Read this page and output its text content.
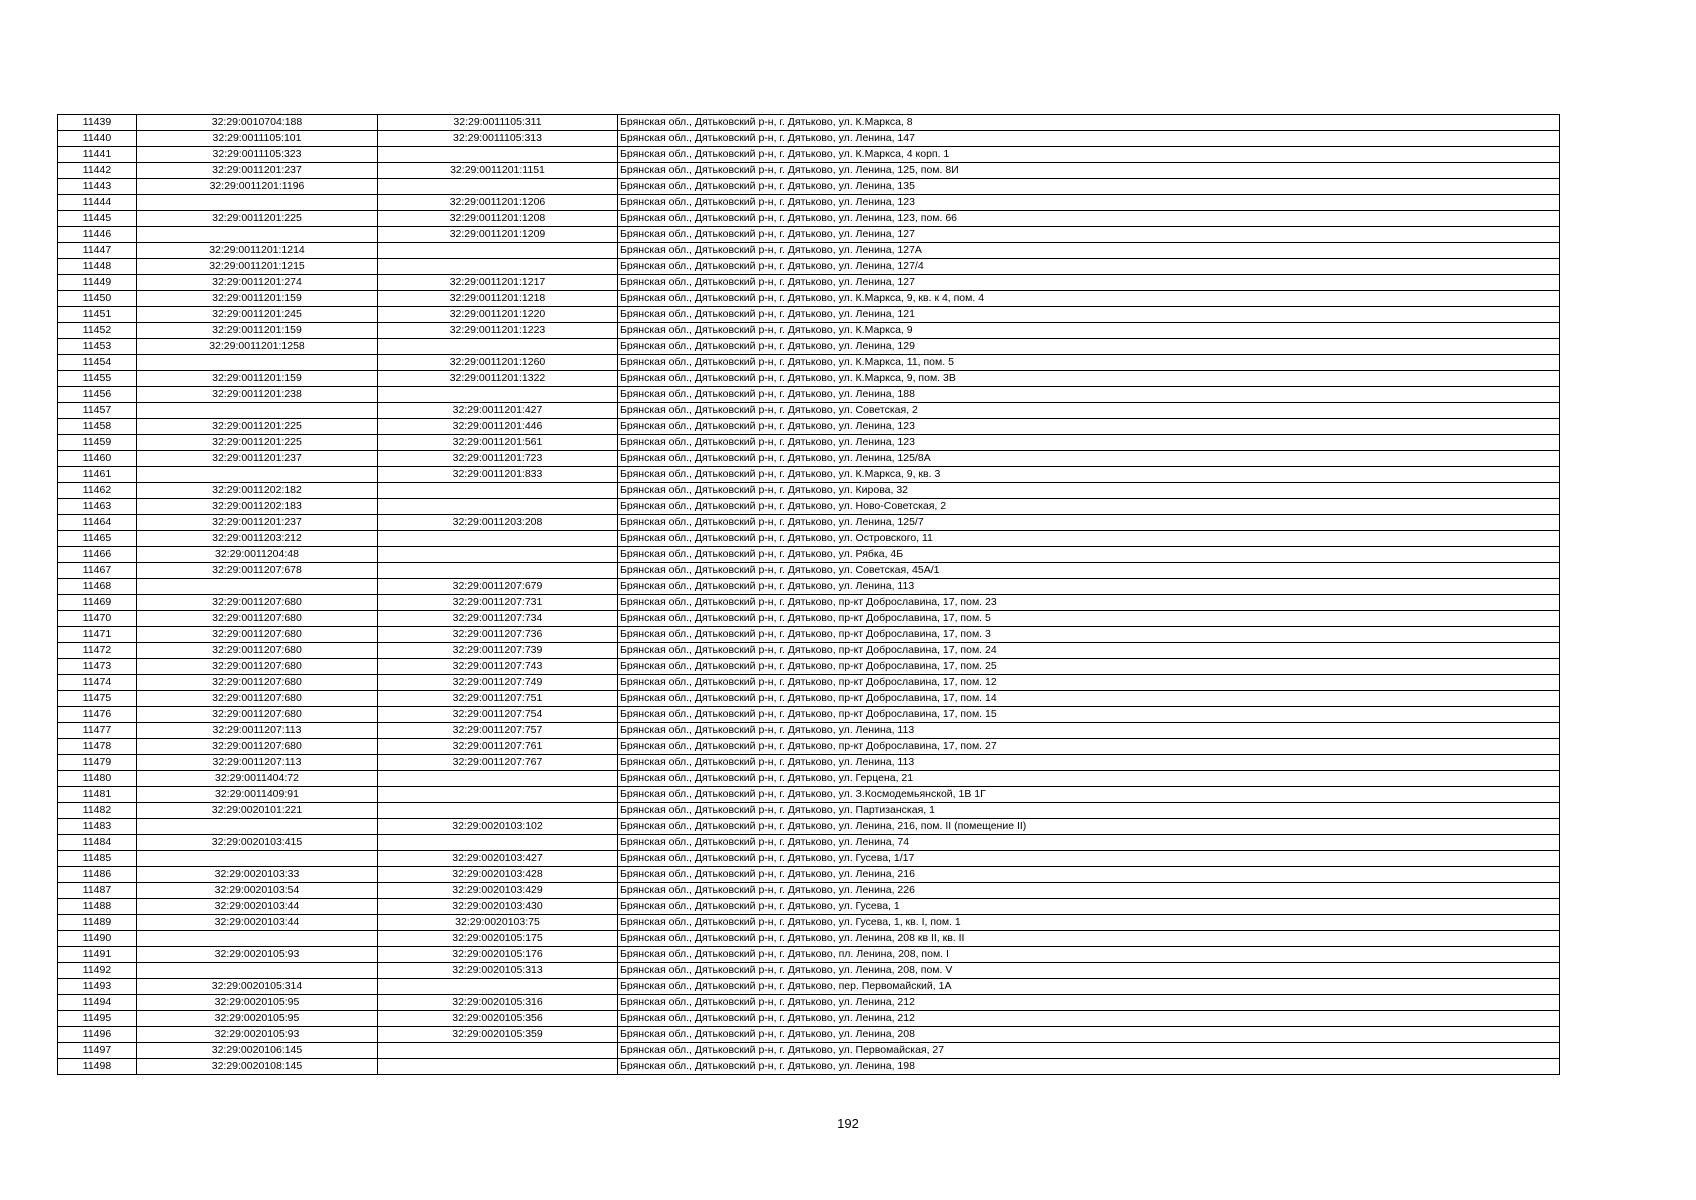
11439	32:29:0010704:188	32:29:0011105:311	Брянская обл., Дятьковский р-н, г. Дятьково, ул. К.Маркса, 8
11440	32:29:0011105:101	32:29:0011105:313	Брянская обл., Дятьковский р-н, г. Дятьково, ул. Ленина, 147
11441	32:29:0011105:323		Брянская обл., Дятьковский р-н, г. Дятьково, ул. К.Маркса, 4 корп. 1
11442	32:29:0011201:237	32:29:0011201:1151	Брянская обл., Дятьковский р-н, г. Дятьково, ул. Ленина, 125, пом. 8И
11443	32:29:0011201:1196		Брянская обл., Дятьковский р-н, г. Дятьково, ул. Ленина, 135
11444		32:29:0011201:1206	Брянская обл., Дятьковский р-н, г. Дятьково, ул. Ленина, 123
11445	32:29:0011201:225	32:29:0011201:1208	Брянская обл., Дятьковский р-н, г. Дятьково, ул. Ленина, 123, пом. 66
11446		32:29:0011201:1209	Брянская обл., Дятьковский р-н, г. Дятьково, ул. Ленина, 127
11447	32:29:0011201:1214		Брянская обл., Дятьковский р-н, г. Дятьково, ул. Ленина, 127А
11448	32:29:0011201:1215		Брянская обл., Дятьковский р-н, г. Дятьково, ул. Ленина, 127/4
11449	32:29:0011201:274	32:29:0011201:1217	Брянская обл., Дятьковский р-н, г. Дятьково, ул. Ленина, 127
11450	32:29:0011201:159	32:29:0011201:1218	Брянская обл., Дятьковский р-н, г. Дятьково, ул. К.Маркса, 9, кв. к 4, пом. 4
11451	32:29:0011201:245	32:29:0011201:1220	Брянская обл., Дятьковский р-н, г. Дятьково, ул. Ленина, 121
11452	32:29:0011201:159	32:29:0011201:1223	Брянская обл., Дятьковский р-н, г. Дятьково, ул. К.Маркса, 9
11453	32:29:0011201:1258		Брянская обл., Дятьковский р-н, г. Дятьково, ул. Ленина, 129
11454		32:29:0011201:1260	Брянская обл., Дятьковский р-н, г. Дятьково, ул. К.Маркса, 11, пом. 5
11455	32:29:0011201:159	32:29:0011201:1322	Брянская обл., Дятьковский р-н, г. Дятьково, ул. К.Маркса, 9, пом. 3В
11456	32:29:0011201:238		Брянская обл., Дятьковский р-н, г. Дятьково, ул. Ленина, 188
11457		32:29:0011201:427	Брянская обл., Дятьковский р-н, г. Дятьково, ул. Советская, 2
11458	32:29:0011201:225	32:29:0011201:446	Брянская обл., Дятьковский р-н, г. Дятьково, ул. Ленина, 123
11459	32:29:0011201:225	32:29:0011201:561	Брянская обл., Дятьковский р-н, г. Дятьково, ул. Ленина, 123
11460	32:29:0011201:237	32:29:0011201:723	Брянская обл., Дятьковский р-н, г. Дятьково, ул. Ленина, 125/8А
11461		32:29:0011201:833	Брянская обл., Дятьковский р-н, г. Дятьково, ул. К.Маркса, 9, кв. 3
11462	32:29:0011202:182		Брянская обл., Дятьковский р-н, г. Дятьково, ул. Кирова, 32
11463	32:29:0011202:183		Брянская обл., Дятьковский р-н, г. Дятьково, ул. Ново-Советская, 2
11464	32:29:0011201:237	32:29:0011203:208	Брянская обл., Дятьковский р-н, г. Дятьково, ул. Ленина, 125/7
11465	32:29:0011203:212		Брянская обл., Дятьковский р-н, г. Дятьково, ул. Островского, 11
11466	32:29:0011204:48		Брянская обл., Дятьковский р-н, г. Дятьково, ул. Рябка, 4Б
11467	32:29:0011207:678		Брянская обл., Дятьковский р-н, г. Дятьково, ул. Советская, 45А/1
11468		32:29:0011207:679	Брянская обл., Дятьковский р-н, г. Дятьково, ул. Ленина, 113
11469	32:29:0011207:680	32:29:0011207:731	Брянская обл., Дятьковский р-н, г. Дятьково, пр-кт Доброславина, 17, пом. 23
11470	32:29:0011207:680	32:29:0011207:734	Брянская обл., Дятьковский р-н, г. Дятьково, пр-кт Доброславина, 17, пом. 5
11471	32:29:0011207:680	32:29:0011207:736	Брянская обл., Дятьковский р-н, г. Дятьково, пр-кт Доброславина, 17, пом. 3
11472	32:29:0011207:680	32:29:0011207:739	Брянская обл., Дятьковский р-н, г. Дятьково, пр-кт Доброславина, 17, пом. 24
11473	32:29:0011207:680	32:29:0011207:743	Брянская обл., Дятьковский р-н, г. Дятьково, пр-кт Доброславина, 17, пом. 25
11474	32:29:0011207:680	32:29:0011207:749	Брянская обл., Дятьковский р-н, г. Дятьково, пр-кт Доброславина, 17, пом. 12
11475	32:29:0011207:680	32:29:0011207:751	Брянская обл., Дятьковский р-н, г. Дятьково, пр-кт Доброславина, 17, пом. 14
11476	32:29:0011207:680	32:29:0011207:754	Брянская обл., Дятьковский р-н, г. Дятьково, пр-кт Доброславина, 17, пом. 15
11477	32:29:0011207:113	32:29:0011207:757	Брянская обл., Дятьковский р-н, г. Дятьково, ул. Ленина, 113
11478	32:29:0011207:680	32:29:0011207:761	Брянская обл., Дятьковский р-н, г. Дятьково, пр-кт Доброславина, 17, пом. 27
11479	32:29:0011207:113	32:29:0011207:767	Брянская обл., Дятьковский р-н, г. Дятьково, ул. Ленина, 113
11480	32:29:0011404:72		Брянская обл., Дятьковский р-н, г. Дятьково, ул. Герцена, 21
11481	32:29:0011409:91		Брянская обл., Дятьковский р-н, г. Дятьково, ул. З.Космодемьянской, 1В 1Г
11482	32:29:0020101:221		Брянская обл., Дятьковский р-н, г. Дятьково, ул. Партизанская, 1
11483		32:29:0020103:102	Брянская обл., Дятьковский р-н, г. Дятьково, ул. Ленина, 216, пом. II (помещение II)
11484	32:29:0020103:415		Брянская обл., Дятьковский р-н, г. Дятьково, ул. Ленина, 74
11485		32:29:0020103:427	Брянская обл., Дятьковский р-н, г. Дятьково, ул. Гусева, 1/17
11486	32:29:0020103:33	32:29:0020103:428	Брянская обл., Дятьковский р-н, г. Дятьково, ул. Ленина, 216
11487	32:29:0020103:54	32:29:0020103:429	Брянская обл., Дятьковский р-н, г. Дятьково, ул. Ленина, 226
11488	32:29:0020103:44	32:29:0020103:430	Брянская обл., Дятьковский р-н, г. Дятьково, ул. Гусева, 1
11489	32:29:0020103:44	32:29:0020103:75	Брянская обл., Дятьковский р-н, г. Дятьково, ул. Гусева, 1, кв. I, пом. 1
11490		32:29:0020105:175	Брянская обл., Дятьковский р-н, г. Дятьково, ул. Ленина, 208 кв II, кв. II
11491	32:29:0020105:93	32:29:0020105:176	Брянская обл., Дятьковский р-н, г. Дятьково, пл. Ленина, 208, пом. I
11492		32:29:0020105:313	Брянская обл., Дятьковский р-н, г. Дятьково, ул. Ленина, 208, пом. V
11493	32:29:0020105:314		Брянская обл., Дятьковский р-н, г. Дятьково, пер. Первомайский, 1А
11494	32:29:0020105:95	32:29:0020105:316	Брянская обл., Дятьковский р-н, г. Дятьково, ул. Ленина, 212
11495	32:29:0020105:95	32:29:0020105:356	Брянская обл., Дятьковский р-н, г. Дятьково, ул. Ленина, 212
11496	32:29:0020105:93	32:29:0020105:359	Брянская обл., Дятьковский р-н, г. Дятьково, ул. Ленина, 208
11497	32:29:0020106:145		Брянская обл., Дятьковский р-н, г. Дятьково, ул. Первомайская, 27
11498	32:29:0020108:145		Брянская обл., Дятьковский р-н, г. Дятьково, ул. Ленина, 198
192
